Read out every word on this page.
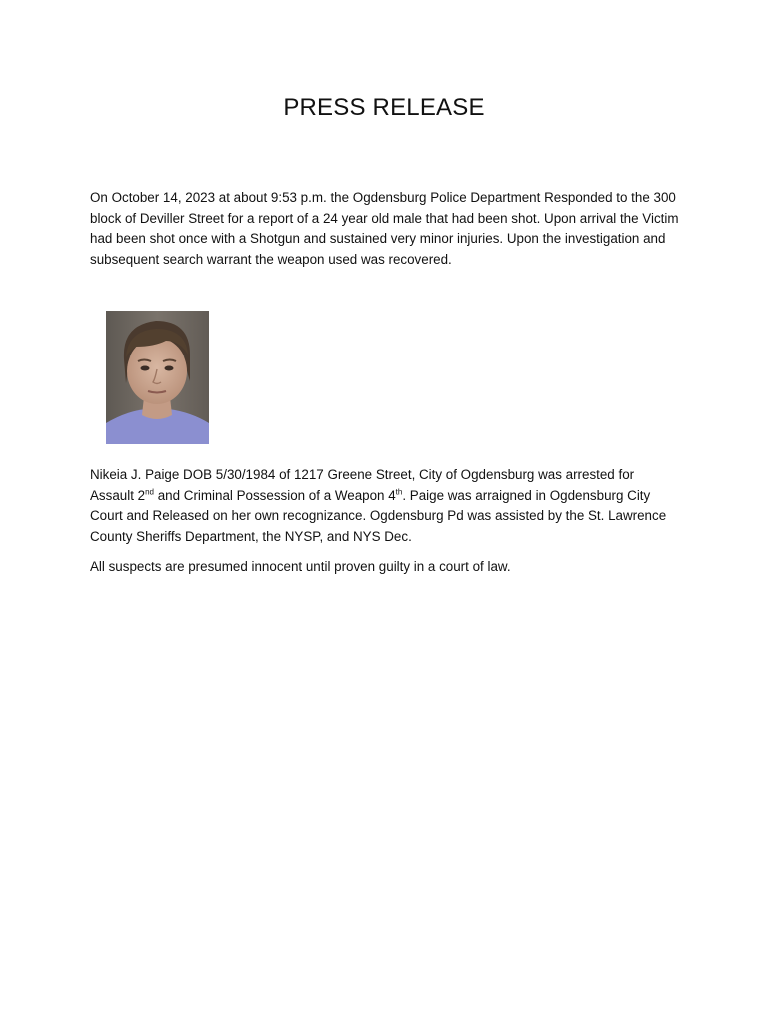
PRESS RELEASE

On October 14, 2023 at about 9:53 p.m. the Ogdensburg Police Department Responded to the 300 block of Deviller Street for a report of a 24 year old male that had been shot. Upon arrival the Victim had been shot once with a Shotgun and sustained very minor injuries. Upon the investigation and subsequent search warrant the weapon used was recovered.

Nikeia J. Paige DOB 5/30/1984 of 1217 Greene Street, City of Ogdensburg was arrested for Assault 2nd and Criminal Possession of a Weapon 4th. Paige was arraigned in Ogdensburg City Court and Released on her own recognizance. Ogdensburg Pd was assisted by the St. Lawrence County Sheriffs Department, the NYSP, and NYS Dec.

All suspects are presumed innocent until proven guilty in a court of law.
